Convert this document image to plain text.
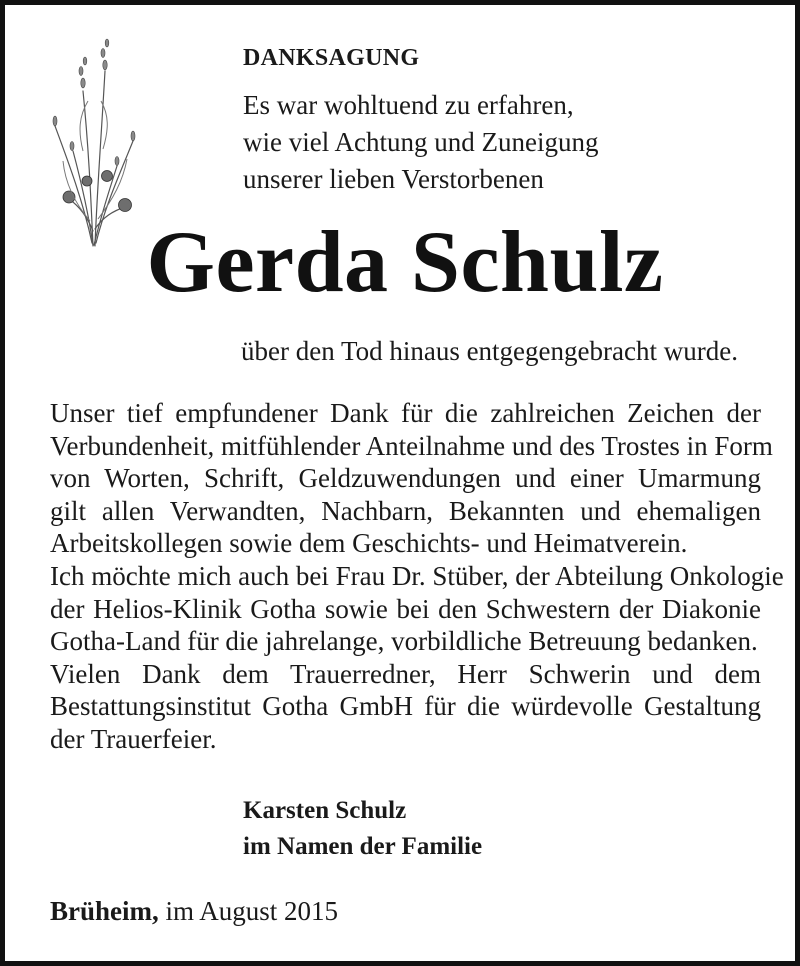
DANKSAGUNG

Es war wohltuend zu erfahren,
wie viel Achtung und Zuneigung
unserer lieben Verstorbenen

Gerda Schulz
über den Tod hinaus entgegengebracht wurde.

Unser tief empfundener Dank für die zahlreichen Zeichen der
Verbundenheit, mitfühlender Anteilnahme und des Trostes in Form
von Worten, Schrift, Geldzuwendungen und einer Umarmung
gilt allen Verwandten, Nachbarn, Bekannten und ehemaligen
Arbeitskollegen sowie dem Geschichts- und Heimatverein.
Ich möchte mich auch bei Frau Dr. Stüber, der Abteilung Onkologie
der Helios-Klinik Gotha sowie bei den Schwestern der Diakonie
Gotha-Land für die jahrelange, vorbildliche Betreuung bedanken.
Vielen Dank dem Trauerredner, Herr Schwerin und dem
Bestattungsinstitut Gotha GmbH für die würdevolle Gestaltung
der Trauerfeier.

Karsten Schulz
im Namen der Familie
Brüheim, im August 2015
